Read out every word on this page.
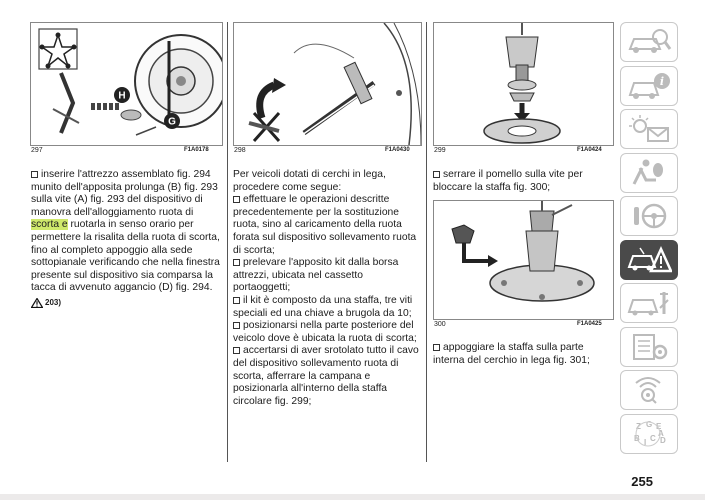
H
G
297	F1A0178	298	F1A0430	299	F1A0424
300	F1A0425

inserire l'attrezzo assemblato fig. 294 munito dell'apposita prolunga (B) fig. 293 sulla vite (A) fig. 293 del dispositivo di manovra dell'alloggiamento ruota di scorta e ruotarla in senso orario per permettere la risalita della ruota di scorta, fino al completo appoggio alla sede sottopianale verificando che nella finestra presente sul dispositivo sia comparsa la tacca di avvenuto aggancio (D) fig. 294.

203)

Per veicoli dotati di cerchi in lega, procedere come segue:

effettuare le operazioni descritte precedentemente per la sostituzione ruota, sino al caricamento della ruota forata sul dispositivo sollevamento ruota di scorta;

prelevare l'apposito kit dalla borsa attrezzi, ubicata nel cassetto portaoggetti;

il kit è composto da una staffa, tre viti speciali ed una chiave a brugola da 10;

posizionarsi nella parte posteriore del veicolo dove è ubicata la ruota di scorta;

accertarsi di aver srotolato tutto il cavo del dispositivo sollevamento ruota di scorta, afferrare la campana e posizionarla all'interno della staffa circolare fig. 299;

serrare il pomello sulla vite per bloccare la staffa fig. 300;

appoggiare la staffa sulla parte interna del cerchio in lega fig. 301;

i
Z G E
B I C D
A
255
